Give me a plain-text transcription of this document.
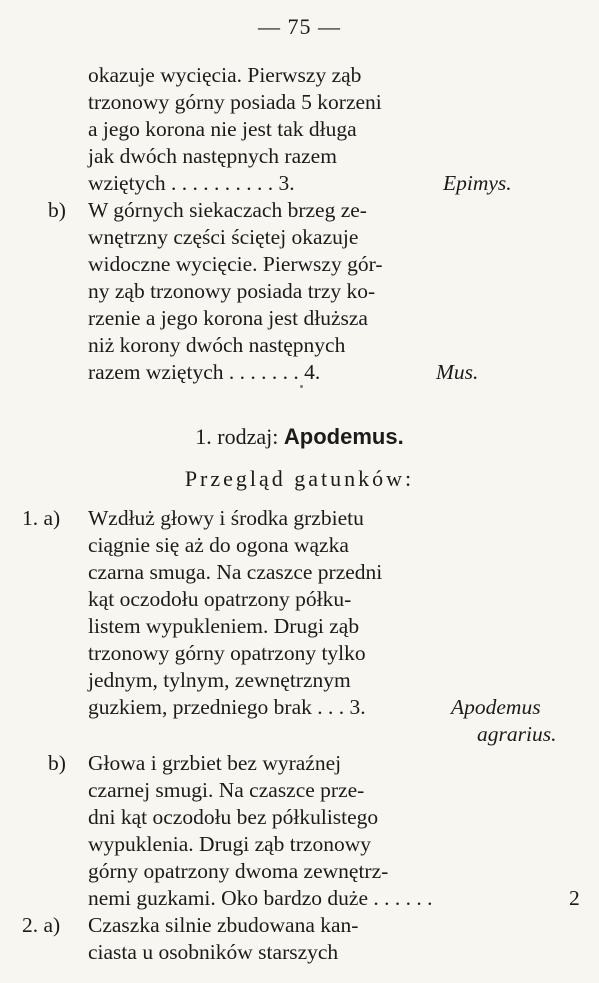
— 75 —
okazuje wycięcia. Pierwszy ząb
trzonowy górny posiada 5 korzeni
a jego korona nie jest tak długa
jak dwóch następnych razem
wziętych . . . . . . . . . . 3.	Epimys.
b) W górnych siekaczach brzeg ze-
wnętrzny części ściętej okazuje
widoczne wycięcie. Pierwszy gór-
ny ząb trzonowy posiada trzy ko-
rzenie a jego korona jest dłuższa
niż korony dwóch następnych
razem wziętych . . . . . . . 4.	Mus.
1. rodzaj: Apodemus.
Przegląd gatunków:
1. a) Wzdłuż głowy i środka grzbietu
ciągnie się aż do ogona wązka
czarna smuga. Na czaszce przedni
kąt oczodołu opatrzony półku-
listem wypukleniem. Drugi ząb
trzonowy górny opatrzony tylko
jednym, tylnym, zewnętrznym
guzkiem, przedniego brak . . . 3.	Apodemus
agrarius.
b) Głowa i grzbiet bez wyraźnej
czarnej smugi. Na czaszce prze-
dni kąt oczodołu bez półkulistego
wypuklenia. Drugi ząb trzonowy
górny opatrzony dwoma zewnętrz-
nemi guzkami. Oko bardzo duże . . . . . .	2
2. a) Czaszka silnie zbudowana kan-
ciasta u osobników starszych
